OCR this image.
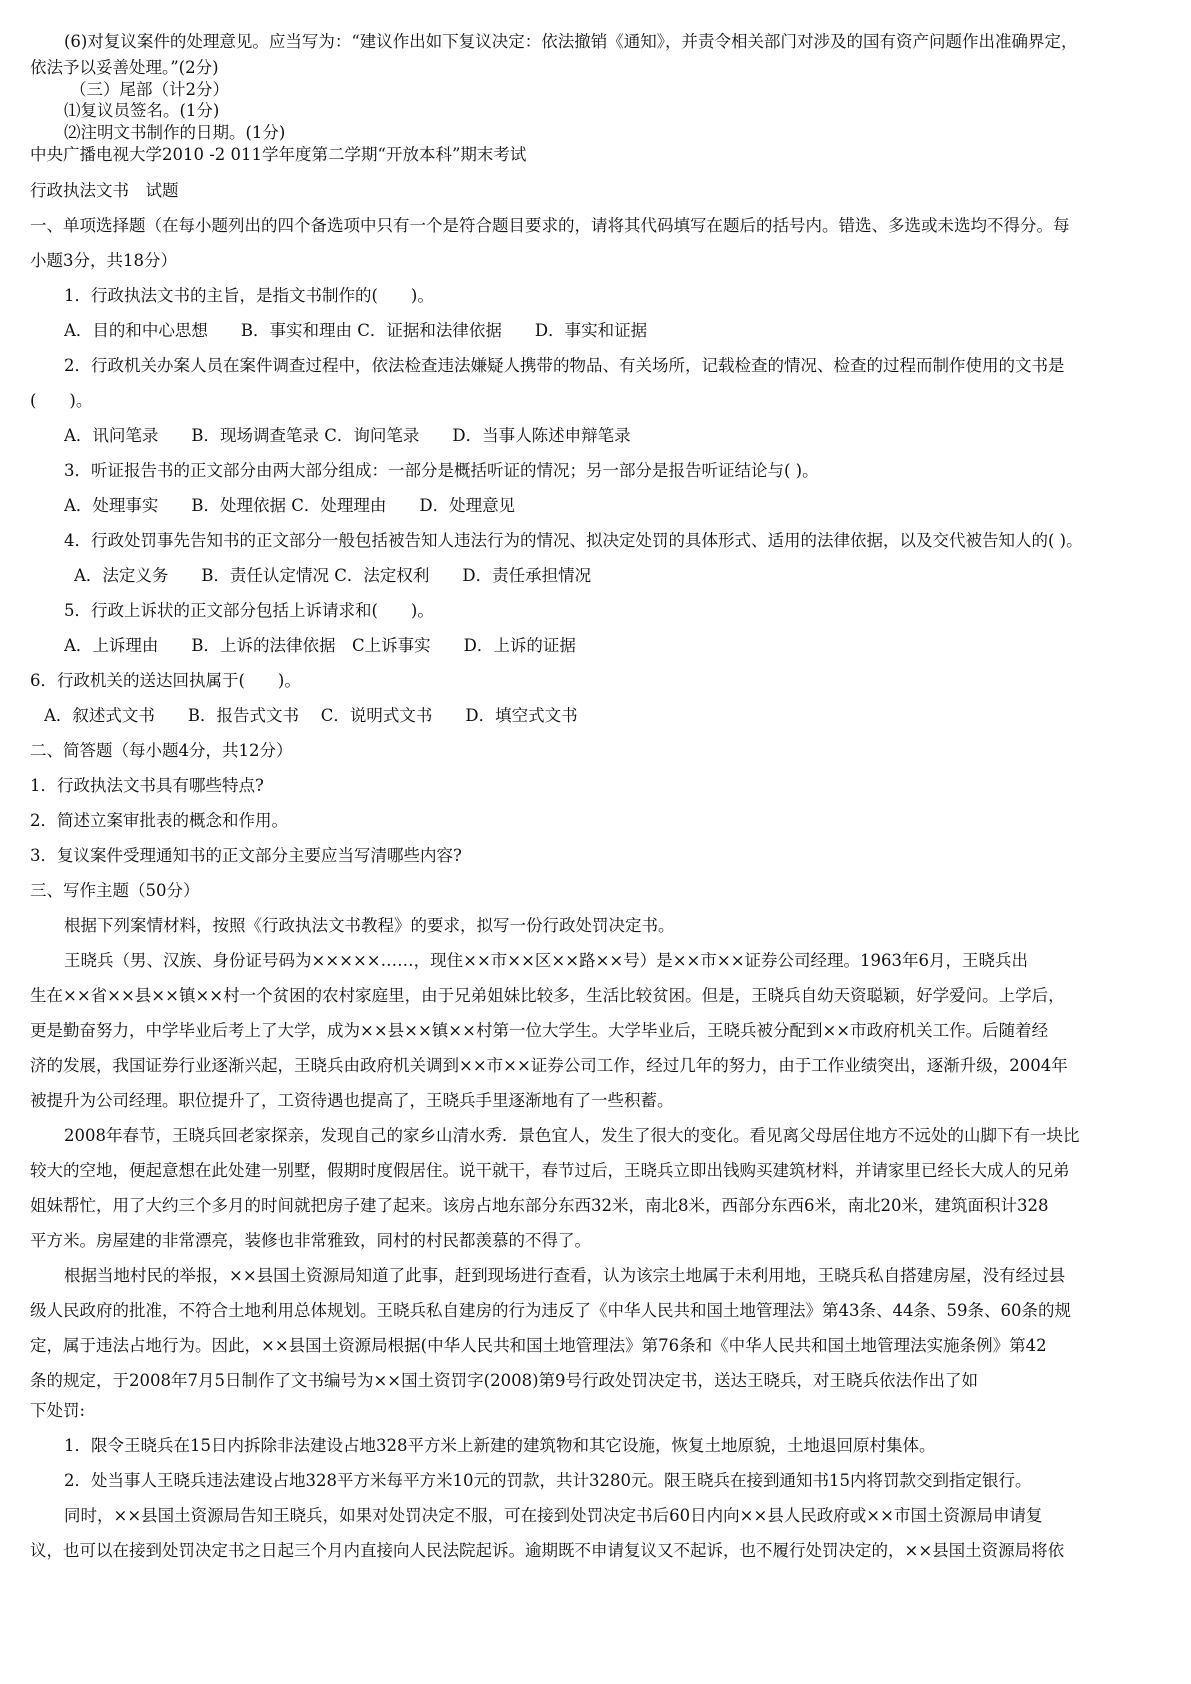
(6)对复议案件的处理意见。应当写为：“建议作出如下复议决定：依法撤销《通知》，并责令相关部门对涉及的国有资产问题作出准确界定，
依法予以妥善处理。”(2分)
（三）尾部（计2分）
⑴复议员签名。(1分)
⑵注明文书制作的日期。(1分)
中央广播电视大学2010 -2 011学年度第二学期“开放本科”期末考试
行政执法文书　试题
一、单项选择题（在每小题列出的四个备选项中只有一个是符合题目要求的，请将其代码填写在题后的括号内。错选、多选或未选均不得分。每
小题3分，共18分）
1．行政执法文书的主旨，是指文书制作的(　　)。
A．目的和中心思想　　B．事实和理由 C．证据和法律依据　　D．事实和证据
2．行政机关办案人员在案件调查过程中，依法检查违法嫌疑人携带的物品、有关场所，记载检查的情况、检查的过程而制作使用的文书是
(　　)。
A．讯问笔录　　B．现场调查笔录 C．询问笔录　　D．当事人陈述申辩笔录
3．听证报告书的正文部分由两大部分组成：一部分是概括听证的情况；另一部分是报告听证结论与( )。
A．处理事实　　B．处理依据 C．处理理由　　D．处理意见
4．行政处罚事先告知书的正文部分一般包括被告知人违法行为的情况、拟决定处罚的具体形式、适用的法律依据，以及交代被告知人的( )。
A．法定义务　　B．责任认定情况 C．法定权利　　D．责任承担情况
5．行政上诉状的正文部分包括上诉请求和(　　)。
A．上诉理由　　B．上诉的法律依据　C上诉事实　　D．上诉的证据
6．行政机关的送达回执属于(　　)。
A．叙述式文书　　B．报告式文书　 C．说明式文书　　D．填空式文书
二、简答题（每小题4分，共12分）
1．行政执法文书具有哪些特点?
2．简述立案审批表的概念和作用。
3．复议案件受理通知书的正文部分主要应当写清哪些内容?
三、写作主题（50分）
根据下列案情材料，按照《行政执法文书教程》的要求，拟写一份行政处罚决定书。
王晓兵（男、汉族、身份证号码为×××××……，现住××市××区××路××号）是××市××证券公司经理。1963年6月，王晓兵出
生在××省××县××镇××村一个贫困的农村家庭里，由于兄弟姐妹比较多，生活比较贫困。但是，王晓兵自幼天资聪颖，好学爱问。上学后，
更是勤奋努力，中学毕业后考上了大学，成为××县××镇××村第一位大学生。大学毕业后，王晓兵被分配到××市政府机关工作。后随着经
济的发展，我国证券行业逐渐兴起，王晓兵由政府机关调到××市××证券公司工作，经过几年的努力，由于工作业绩突出，逐渐升级，2004年
被提升为公司经理。职位提升了，工资待遇也提高了，王晓兵手里逐渐地有了一些积蓄。
2008年春节，王晓兵回老家探亲，发现自己的家乡山清水秀．景色宜人，发生了很大的变化。看见离父母居住地方不远处的山脚下有一块比
较大的空地，便起意想在此处建一别墅，假期时度假居住。说干就干，春节过后，王晓兵立即出钱购买建筑材料，并请家里已经长大成人的兄弟
姐妹帮忙，用了大约三个多月的时间就把房子建了起来。该房占地东部分东西32米，南北8米，西部分东西6米，南北20米，建筑面积计328
平方米。房屋建的非常漂亮，装修也非常雅致，同村的村民都羡慕的不得了。
根据当地村民的举报，××县国土资源局知道了此事，赶到现场进行查看，认为该宗土地属于未利用地，王晓兵私自搭建房屋，没有经过县
级人民政府的批准，不符合土地利用总体规划。王晓兵私自建房的行为违反了《中华人民共和国土地管理法》第43条、44条、59条、60条的规
定，属于违法占地行为。因此，××县国土资源局根据(中华人民共和国土地管理法》第76条和《中华人民共和国土地管理法实施条例》第42
条的规定，于2008年7月5日制作了文书编号为××国土资罚字(2008)第9号行政处罚决定书，送达王晓兵，对王晓兵依法作出了如
下处罚:
1．限令王晓兵在15日内拆除非法建设占地328平方米上新建的建筑物和其它设施，恢复土地原貌，土地退回原村集体。
2．处当事人王晓兵违法建设占地328平方米每平方米10元的罚款，共计3280元。限王晓兵在接到通知书15内将罚款交到指定银行。
同时，××县国土资源局告知王晓兵，如果对处罚决定不服，可在接到处罚决定书后60日内向××县人民政府或××市国土资源局申请复
议，也可以在接到处罚决定书之日起三个月内直接向人民法院起诉。逾期既不申请复议又不起诉，也不履行处罚决定的，××县国土资源局将依
